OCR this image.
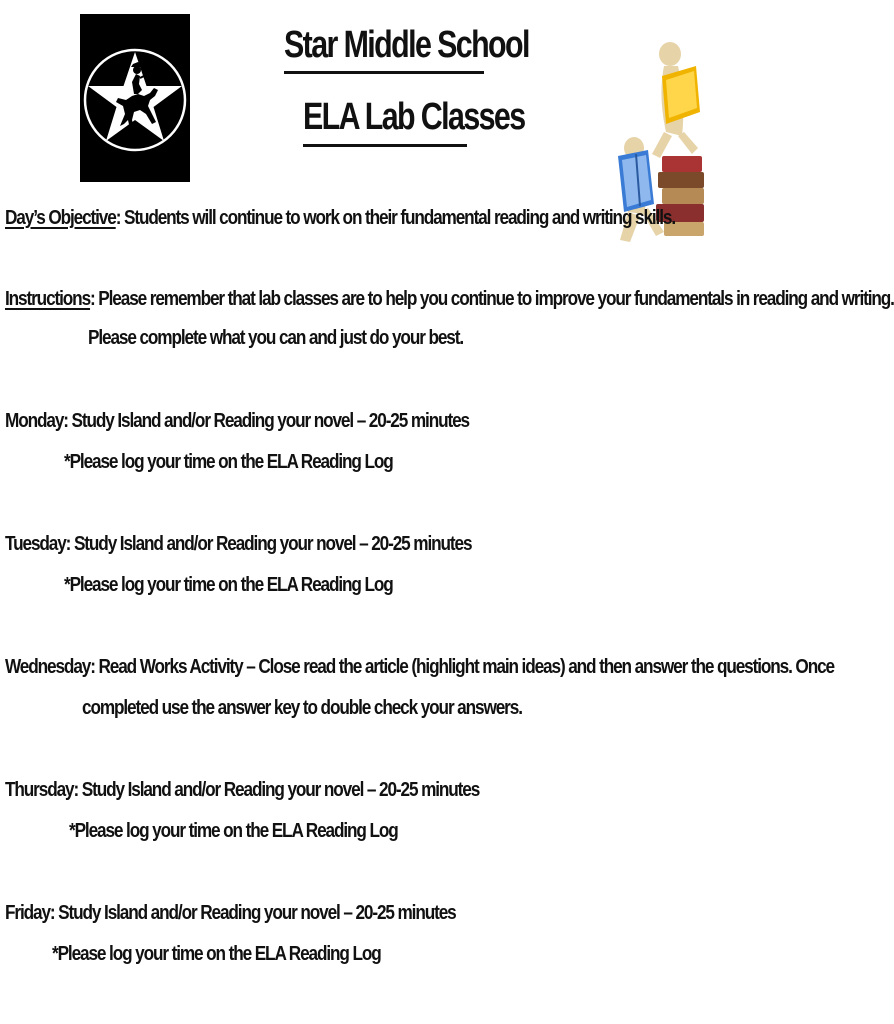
Star Middle School
ELA Lab Classes
Day’s Objective: Students will continue to work on their fundamental reading and writing skills.
Instructions: Please remember that lab classes are to help you continue to improve your fundamentals in reading and writing.
Please complete what you can and just do your best.
Monday: Study Island and/or Reading your novel – 20-25 minutes
*Please log your time on the ELA Reading Log
Tuesday: Study Island and/or Reading your novel – 20-25 minutes
*Please log your time on the ELA Reading Log
Wednesday: Read Works Activity – Close read the article (highlight main ideas) and then answer the questions. Once
completed use the answer key to double check your answers.
Thursday: Study Island and/or Reading your novel – 20-25 minutes
*Please log your time on the ELA Reading Log
Friday: Study Island and/or Reading your novel – 20-25 minutes
*Please log your time on the ELA Reading Log
